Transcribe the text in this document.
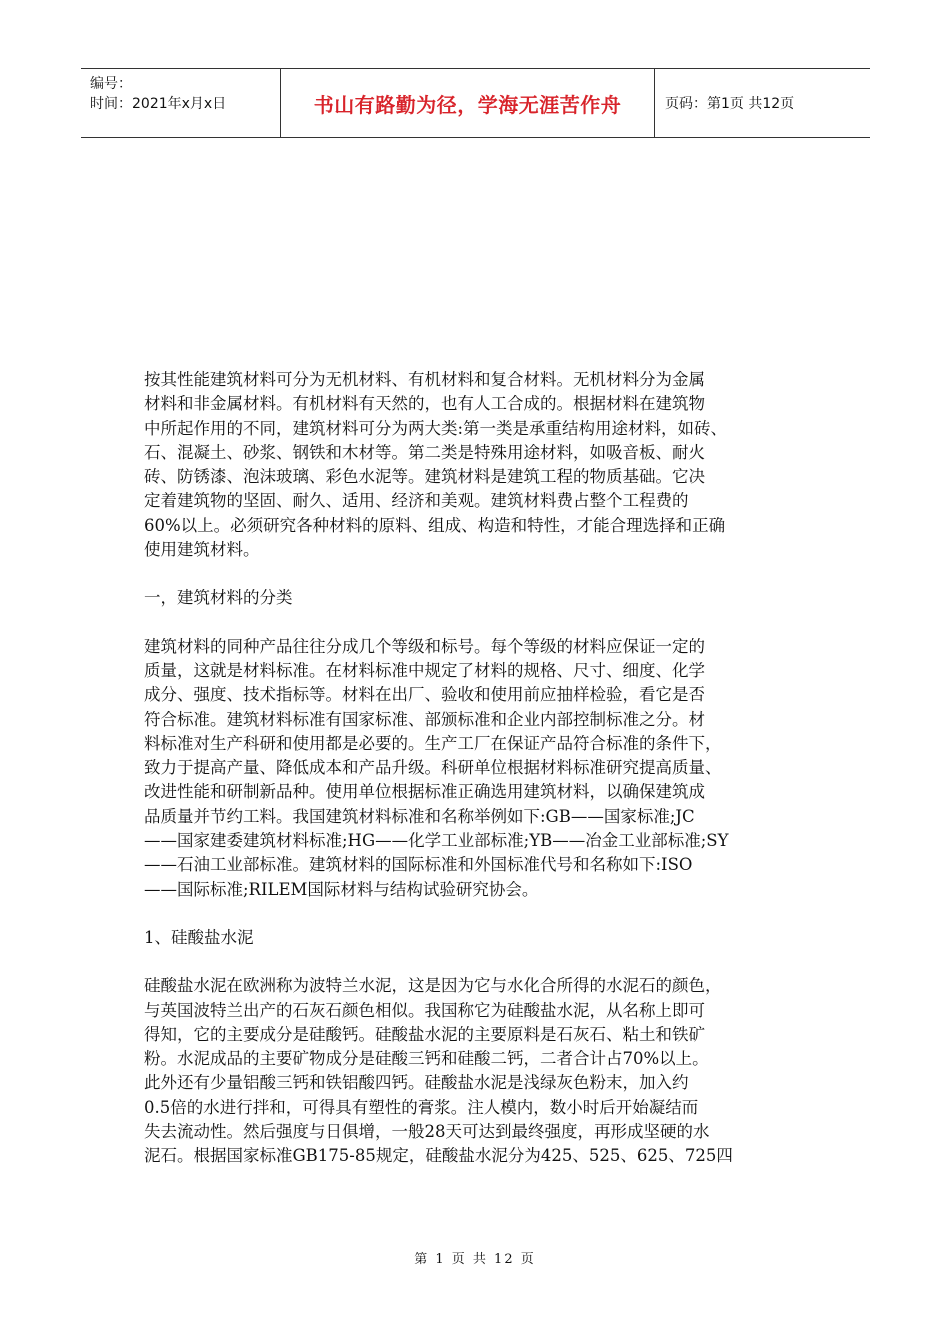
编号：
时间：2021年x月x日	书山有路勤为径，学海无涯苦作舟	页码：第1页 共12页

按其性能建筑材料可分为无机材料、有机材料和复合材料。无机材料分为金属
材料和非金属材料。有机材料有天然的，也有人工合成的。根据材料在建筑物
中所起作用的不同，建筑材料可分为两大类:第一类是承重结构用途材料，如砖、
石、混凝土、砂浆、钢铁和木材等。第二类是特殊用途材料，如吸音板、耐火
砖、防锈漆、泡沫玻璃、彩色水泥等。建筑材料是建筑工程的物质基础。它决
定着建筑物的坚固、耐久、适用、经济和美观。建筑材料费占整个工程费的
60%以上。必须研究各种材料的原料、组成、构造和特性，才能合理选择和正确
使用建筑材料。

一，建筑材料的分类

建筑材料的同种产品往往分成几个等级和标号。每个等级的材料应保证一定的
质量，这就是材料标准。在材料标准中规定了材料的规格、尺寸、细度、化学
成分、强度、技术指标等。材料在出厂、验收和使用前应抽样检验，看它是否
符合标准。建筑材料标准有国家标准、部颁标准和企业内部控制标准之分。材
料标准对生产科研和使用都是必要的。生产工厂在保证产品符合标准的条件下，
致力于提高产量、降低成本和产品升级。科研单位根据材料标准研究提高质量、
改进性能和研制新品种。使用单位根据标准正确选用建筑材料，以确保建筑成
品质量并节约工料。我国建筑材料标准和名称举例如下:GB——国家标准;JC
——国家建委建筑材料标准;HG——化学工业部标准;YB——冶金工业部标准;SY
——石油工业部标准。建筑材料的国际标准和外国标准代号和名称如下:ISO
——国际标准;RILEM国际材料与结构试验研究协会。

1、硅酸盐水泥

硅酸盐水泥在欧洲称为波特兰水泥，这是因为它与水化合所得的水泥石的颜色，
与英国波特兰出产的石灰石颜色相似。我国称它为硅酸盐水泥，从名称上即可
得知，它的主要成分是硅酸钙。硅酸盐水泥的主要原料是石灰石、粘土和铁矿
粉。水泥成品的主要矿物成分是硅酸三钙和硅酸二钙，二者合计占70%以上。
此外还有少量铝酸三钙和铁铝酸四钙。硅酸盐水泥是浅绿灰色粉末，加入约
0.5倍的水进行拌和，可得具有塑性的膏浆。注人模内，数小时后开始凝结而
失去流动性。然后强度与日俱增，一般28天可达到最终强度，再形成坚硬的水
泥石。根据国家标准GB175-85规定，硅酸盐水泥分为425、525、625、725四

第 1 页 共 12 页
